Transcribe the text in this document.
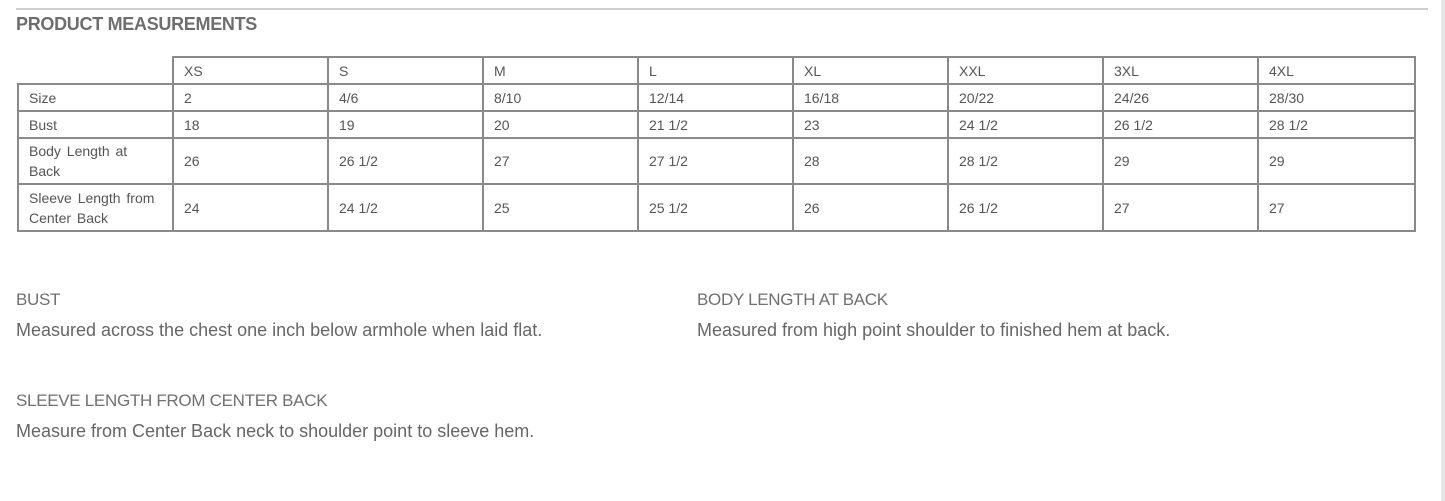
PRODUCT MEASUREMENTS
	XS	S	M	L	XL	XXL	3XL	4XL
Size	2	4/6	8/10	12/14	16/18	20/22	24/26	28/30
Bust	18	19	20	21 1/2	23	24 1/2	26 1/2	28 1/2
Body Length at Back	26	26 1/2	27	27 1/2	28	28 1/2	29	29
Sleeve Length from Center Back	24	24 1/2	25	25 1/2	26	26 1/2	27	27
BUST
Measured across the chest one inch below armhole when laid flat.
BODY LENGTH AT BACK
Measured from high point shoulder to finished hem at back.
SLEEVE LENGTH FROM CENTER BACK
Measure from Center Back neck to shoulder point to sleeve hem.
